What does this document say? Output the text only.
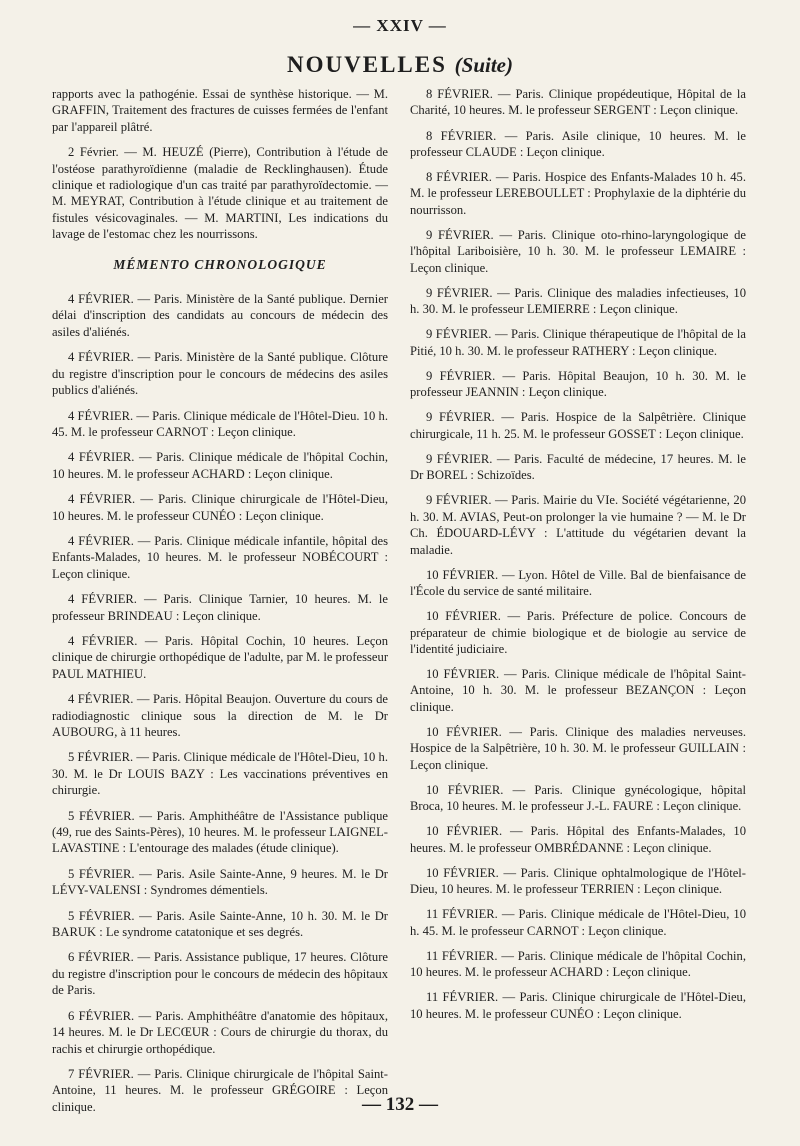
— XXIV —
NOUVELLES (Suite)

rapports avec la pathogénie. Essai de synthèse historique. — M. GRAFFIN, Traitement des fractures de cuisses fermées de l'enfant par l'appareil plâtré.

2 Février. — M. HEUZÉ (Pierre), Contribution à l'étude de l'ostéose parathyroïdienne (maladie de Recklinghausen). Étude clinique et radiologique d'un cas traité par parathyroïdectomie. — M. MEYRAT, Contribution à l'étude clinique et au traitement de fistules vésicovaginales. — M. MARTINI, Les indications du lavage de l'estomac chez les nourrissons.

MÉMENTO CHRONOLOGIQUE

4 FÉVRIER. — Paris. Ministère de la Santé publique. Dernier délai d'inscription des candidats au concours de médecin des asiles d'aliénés.

4 FÉVRIER. — Paris. Ministère de la Santé publique. Clôture du registre d'inscription pour le concours de médecins des asiles publics d'aliénés.

4 FÉVRIER. — Paris. Clinique médicale de l'Hôtel-Dieu. 10 h. 45. M. le professeur CARNOT : Leçon clinique.

4 FÉVRIER. — Paris. Clinique médicale de l'hôpital Cochin, 10 heures. M. le professeur ACHARD : Leçon clinique.

4 FÉVRIER. — Paris. Clinique chirurgicale de l'Hôtel-Dieu, 10 heures. M. le professeur CUNÉO : Leçon clinique.

4 FÉVRIER. — Paris. Clinique médicale infantile, hôpital des Enfants-Malades, 10 heures. M. le professeur NOBÉCOURT : Leçon clinique.

4 FÉVRIER. — Paris. Clinique Tarnier, 10 heures. M. le professeur BRINDEAU : Leçon clinique.

4 FÉVRIER. — Paris. Hôpital Cochin, 10 heures. Leçon clinique de chirurgie orthopédique de l'adulte, par M. le professeur PAUL MATHIEU.

4 FÉVRIER. — Paris. Hôpital Beaujon. Ouverture du cours de radiodiagnostic clinique sous la direction de M. le Dr AUBOURG, à 11 heures.

5 FÉVRIER. — Paris. Clinique médicale de l'Hôtel-Dieu, 10 h. 30. M. le Dr LOUIS BAZY : Les vaccinations préventives en chirurgie.

5 FÉVRIER. — Paris. Amphithéâtre de l'Assistance publique (49, rue des Saints-Pères), 10 heures. M. le professeur LAIGNEL-LAVASTINE : L'entourage des malades (étude clinique).

5 FÉVRIER. — Paris. Asile Sainte-Anne, 9 heures. M. le Dr LÉVY-VALENSI : Syndromes démentiels.

5 FÉVRIER. — Paris. Asile Sainte-Anne, 10 h. 30. M. le Dr BARUK : Le syndrome catatonique et ses degrés.

6 FÉVRIER. — Paris. Assistance publique, 17 heures. Clôture du registre d'inscription pour le concours de médecin des hôpitaux de Paris.

6 FÉVRIER. — Paris. Amphithéâtre d'anatomie des hôpitaux, 14 heures. M. le Dr LECŒUR : Cours de chirurgie du thorax, du rachis et chirurgie orthopédique.

7 FÉVRIER. — Paris. Clinique chirurgicale de l'hôpital Saint-Antoine, 11 heures. M. le professeur GRÉGOIRE : Leçon clinique.

8 FÉVRIER. — Paris. Clinique propédeutique, Hôpital de la Charité, 10 heures. M. le professeur SERGENT : Leçon clinique.

8 FÉVRIER. — Paris. Asile clinique, 10 heures. M. le professeur CLAUDE : Leçon clinique.

8 FÉVRIER. — Paris. Hospice des Enfants-Malades 10 h. 45. M. le professeur LEREBOULLET : Prophylaxie de la diphtérie du nourrisson.

9 FÉVRIER. — Paris. Clinique oto-rhino-laryngologique de l'hôpital Lariboisière, 10 h. 30. M. le professeur LEMAIRE : Leçon clinique.

9 FÉVRIER. — Paris. Clinique des maladies infectieuses, 10 h. 30. M. le professeur LEMIERRE : Leçon clinique.

9 FÉVRIER. — Paris. Clinique thérapeutique de l'hôpital de la Pitié, 10 h. 30. M. le professeur RATHERY : Leçon clinique.

9 FÉVRIER. — Paris. Hôpital Beaujon, 10 h. 30. M. le professeur JEANNIN : Leçon clinique.

9 FÉVRIER. — Paris. Hospice de la Salpêtrière. Clinique chirurgicale, 11 h. 25. M. le professeur GOSSET : Leçon clinique.

9 FÉVRIER. — Paris. Faculté de médecine, 17 heures. M. le Dr BOREL : Schizoïdes.

9 FÉVRIER. — Paris. Mairie du VIe. Société végétarienne, 20 h. 30. M. AVIAS, Peut-on prolonger la vie humaine ? — M. le Dr Ch. ÉDOUARD-LÉVY : L'attitude du végétarien devant la maladie.

10 FÉVRIER. — Lyon. Hôtel de Ville. Bal de bienfaisance de l'École du service de santé militaire.

10 FÉVRIER. — Paris. Préfecture de police. Concours de préparateur de chimie biologique et de biologie au service de l'identité judiciaire.

10 FÉVRIER. — Paris. Clinique médicale de l'hôpital Saint-Antoine, 10 h. 30. M. le professeur BEZANÇON : Leçon clinique.

10 FÉVRIER. — Paris. Clinique des maladies nerveuses. Hospice de la Salpêtrière, 10 h. 30. M. le professeur GUILLAIN : Leçon clinique.

10 FÉVRIER. — Paris. Clinique gynécologique, hôpital Broca, 10 heures. M. le professeur J.-L. FAURE : Leçon clinique.

10 FÉVRIER. — Paris. Hôpital des Enfants-Malades, 10 heures. M. le professeur OMBRÉDANNE : Leçon clinique.

10 FÉVRIER. — Paris. Clinique ophtalmologique de l'Hôtel-Dieu, 10 heures. M. le professeur TERRIEN : Leçon clinique.

11 FÉVRIER. — Paris. Clinique médicale de l'Hôtel-Dieu, 10 h. 45. M. le professeur CARNOT : Leçon clinique.

11 FÉVRIER. — Paris. Clinique médicale de l'hôpital Cochin, 10 heures. M. le professeur ACHARD : Leçon clinique.

11 FÉVRIER. — Paris. Clinique chirurgicale de l'Hôtel-Dieu, 10 heures. M. le professeur CUNÉO : Leçon clinique.

— 132 —
